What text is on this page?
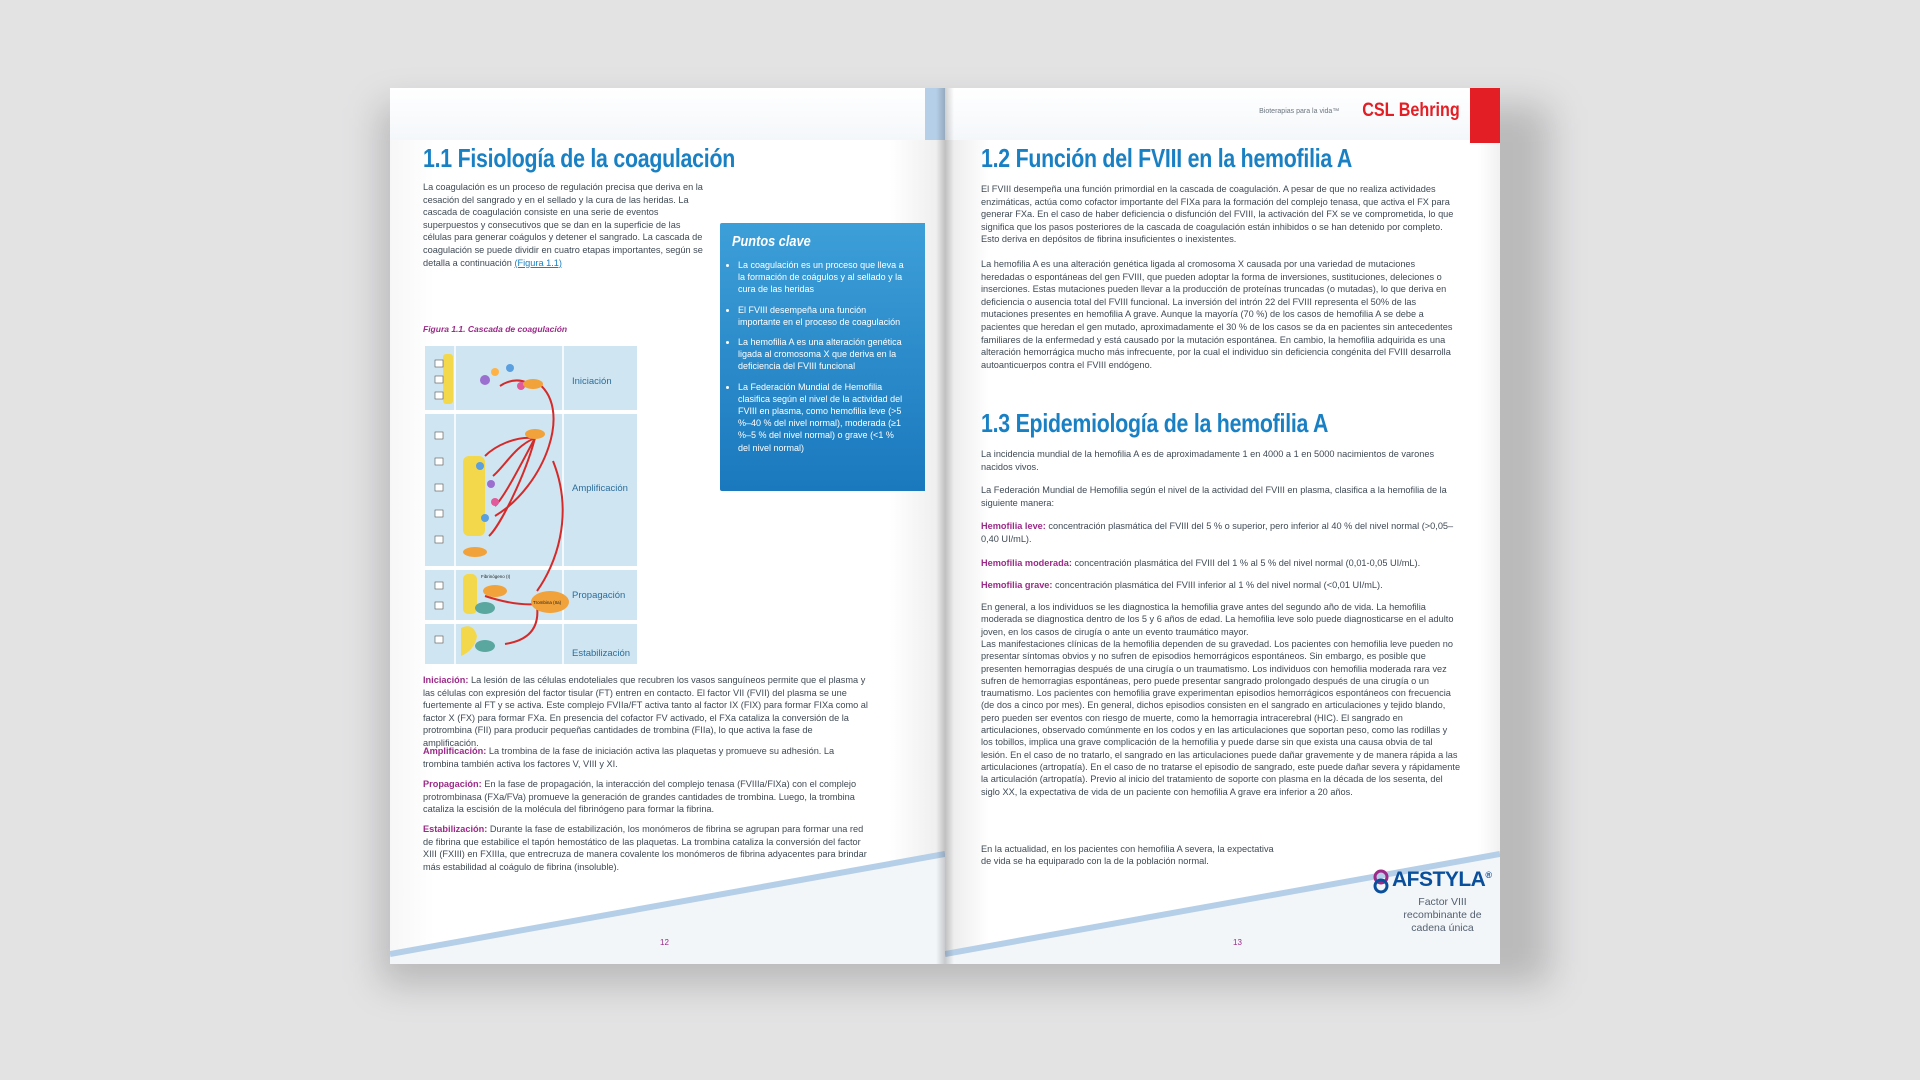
1.1 Fisiología de la coagulación
La coagulación es un proceso de regulación precisa que deriva en la cesación del sangrado y en el sellado y la cura de las heridas. La cascada de coagulación consiste en una serie de eventos superpuestos y consecutivos que se dan en la superficie de las células para generar coágulos y detener el sangrado. La cascada de coagulación se puede dividir en cuatro etapas importantes, según se detalla a continuación (Figura 1.1)
Figura 1.1. Cascada de coagulación
Trombina (IIa)
Fibrinógeno (I)
Iniciación
Amplificación
Propagación
Estabilización
Puntos clave
• La coagulación es un proceso que lleva a la formación de coágulos y al sellado y la cura de las heridas
• El FVIII desempeña una función importante en el proceso de coagulación
• La hemofilia A es una alteración genética ligada al cromosoma X que deriva en la deficiencia del FVIII funcional
• La Federación Mundial de Hemofilia clasifica según el nivel de la actividad del FVIII en plasma, como hemofilia leve (>5 %–40 % del nivel normal), moderada (≥1 %–5 % del nivel normal) o grave (<1 % del nivel normal)
Iniciación: La lesión de las células endoteliales que recubren los vasos sanguíneos permite que el plasma y las células con expresión del factor tisular (FT) entren en contacto. El factor VII (FVII) del plasma se une fuertemente al FT y se activa. Este complejo FVIIa/FT activa tanto al factor IX (FIX) para formar FIXa como al factor X (FX) para formar FXa. En presencia del cofactor FV activado, el FXa cataliza la conversión de la protrombina (FII) para producir pequeñas cantidades de trombina (FIIa), lo que activa la fase de amplificación.
Amplificación: La trombina de la fase de iniciación activa las plaquetas y promueve su adhesión. La trombina también activa los factores V, VIII y XI.
Propagación: En la fase de propagación, la interacción del complejo tenasa (FVIIIa/FIXa) con el complejo protrombinasa (FXa/FVa) promueve la generación de grandes cantidades de trombina. Luego, la trombina cataliza la escisión de la molécula del fibrinógeno para formar la fibrina.
Estabilización: Durante la fase de estabilización, los monómeros de fibrina se agrupan para formar una red de fibrina que estabilice el tapón hemostático de las plaquetas. La trombina cataliza la conversión del factor XIII (FXIII) en FXIIIa, que entrecruza de manera covalente los monómeros de fibrina adyacentes para brindar más estabilidad al coágulo de fibrina (insoluble).
12
Bioterapias para la vida™ CSL Behring
1.2 Función del FVIII en la hemofilia A
El FVIII desempeña una función primordial en la cascada de coagulación. A pesar de que no realiza actividades enzimáticas, actúa como cofactor importante del FIXa para la formación del complejo tenasa, que activa el FX para generar FXa. En el caso de haber deficiencia o disfunción del FVIII, la activación del FX se ve comprometida, lo que significa que los pasos posteriores de la cascada de coagulación están inhibidos o se han detenido por completo. Esto deriva en depósitos de fibrina insuficientes o inexistentes.
La hemofilia A es una alteración genética ligada al cromosoma X causada por una variedad de mutaciones heredadas o espontáneas del gen FVIII, que pueden adoptar la forma de inversiones, sustituciones, deleciones o inserciones. Estas mutaciones pueden llevar a la producción de proteínas truncadas (o mutadas), lo que deriva en deficiencia o ausencia total del FVIII funcional. La inversión del intrón 22 del FVIII representa el 50% de las mutaciones presentes en hemofilia A grave. Aunque la mayoría (70 %) de los casos de hemofilia A se debe a pacientes que heredan el gen mutado, aproximadamente el 30 % de los casos se da en pacientes sin antecedentes familiares de la enfermedad y está causado por la mutación espontánea. En cambio, la hemofilia adquirida es una alteración hemorrágica mucho más infrecuente, por la cual el individuo sin deficiencia congénita del FVIII desarrolla autoanticuerpos contra el FVIII endógeno.
1.3 Epidemiología de la hemofilia A
La incidencia mundial de la hemofilia A es de aproximadamente 1 en 4000 a 1 en 5000 nacimientos de varones nacidos vivos.
La Federación Mundial de Hemofilia según el nivel de la actividad del FVIII en plasma, clasifica a la hemofilia de la siguiente manera:
Hemofilia leve: concentración plasmática del FVIII del 5 % o superior, pero inferior al 40 % del nivel normal (>0,05–0,40 UI/mL).
Hemofilia moderada: concentración plasmática del FVIII del 1 % al 5 % del nivel normal (0,01-0,05 UI/mL).
Hemofilia grave: concentración plasmática del FVIII inferior al 1 % del nivel normal (<0,01 UI/mL).
En general, a los individuos se les diagnostica la hemofilia grave antes del segundo año de vida. La hemofilia moderada se diagnostica dentro de los 5 y 6 años de edad. La hemofilia leve solo puede diagnosticarse en el adulto joven, en los casos de cirugía o ante un evento traumático mayor.
Las manifestaciones clínicas de la hemofilia dependen de su gravedad. Los pacientes con hemofilia leve pueden no presentar síntomas obvios y no sufren de episodios hemorrágicos espontáneos. Sin embargo, es posible que presenten hemorragias después de una cirugía o un traumatismo. Los individuos con hemofilia moderada rara vez sufren de hemorragias espontáneas, pero puede presentar sangrado prolongado después de una cirugía o un traumatismo. Los pacientes con hemofilia grave experimentan episodios hemorrágicos espontáneos con frecuencia (de dos a cinco por mes). En general, dichos episodios consisten en el sangrado en articulaciones y tejido blando, pero pueden ser eventos con riesgo de muerte, como la hemorragia intracerebral (HIC). El sangrado en articulaciones, observado comúnmente en los codos y en las articulaciones que soportan peso, como las rodillas y los tobillos, implica una grave complicación de la hemofilia y puede darse sin que exista una causa obvia de tal lesión. En el caso de no tratarlo, el sangrado en las articulaciones puede dañar gravemente y de manera rápida a las articulaciones (artropatía). En el caso de no tratarse el episodio de sangrado, este puede dañar severa y rápidamente la articulación (artropatía). Previo al inicio del tratamiento de soporte con plasma en la década de los sesenta, del siglo XX, la expectativa de vida de un paciente con hemofilia A grave era inferior a 20 años.
En la actualidad, en los pacientes con hemofilia A severa, la expectativa de vida se ha equiparado con la de la población normal.
AFSTYLA®
Factor VIII recombinante de cadena única
13
